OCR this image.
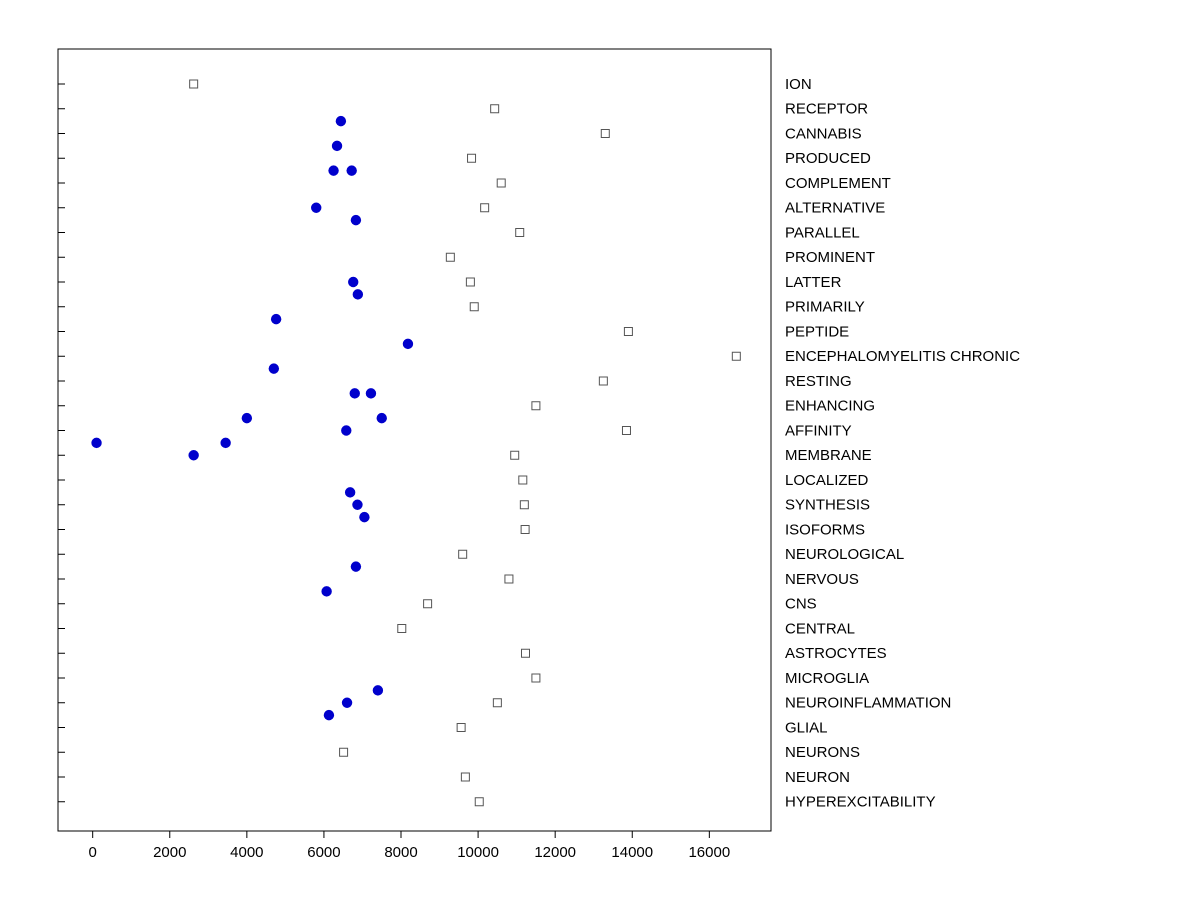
ION
RECEPTOR
CANNABIS
PRODUCED
COMPLEMENT
ALTERNATIVE
PARALLEL
PROMINENT
LATTER
PRIMARILY
PEPTIDE
ENCEPHALOMYELITIS CHRONIC
RESTING
ENHANCING
AFFINITY
MEMBRANE
LOCALIZED
SYNTHESIS
ISOFORMS
NEUROLOGICAL
NERVOUS
CNS
CENTRAL
ASTROCYTES
MICROGLIA
NEUROINFLAMMATION
GLIAL
NEURONS
NEURON
HYPEREXCITABILITY
0	2000	4000	6000	8000	10000 12000 14000 16000
